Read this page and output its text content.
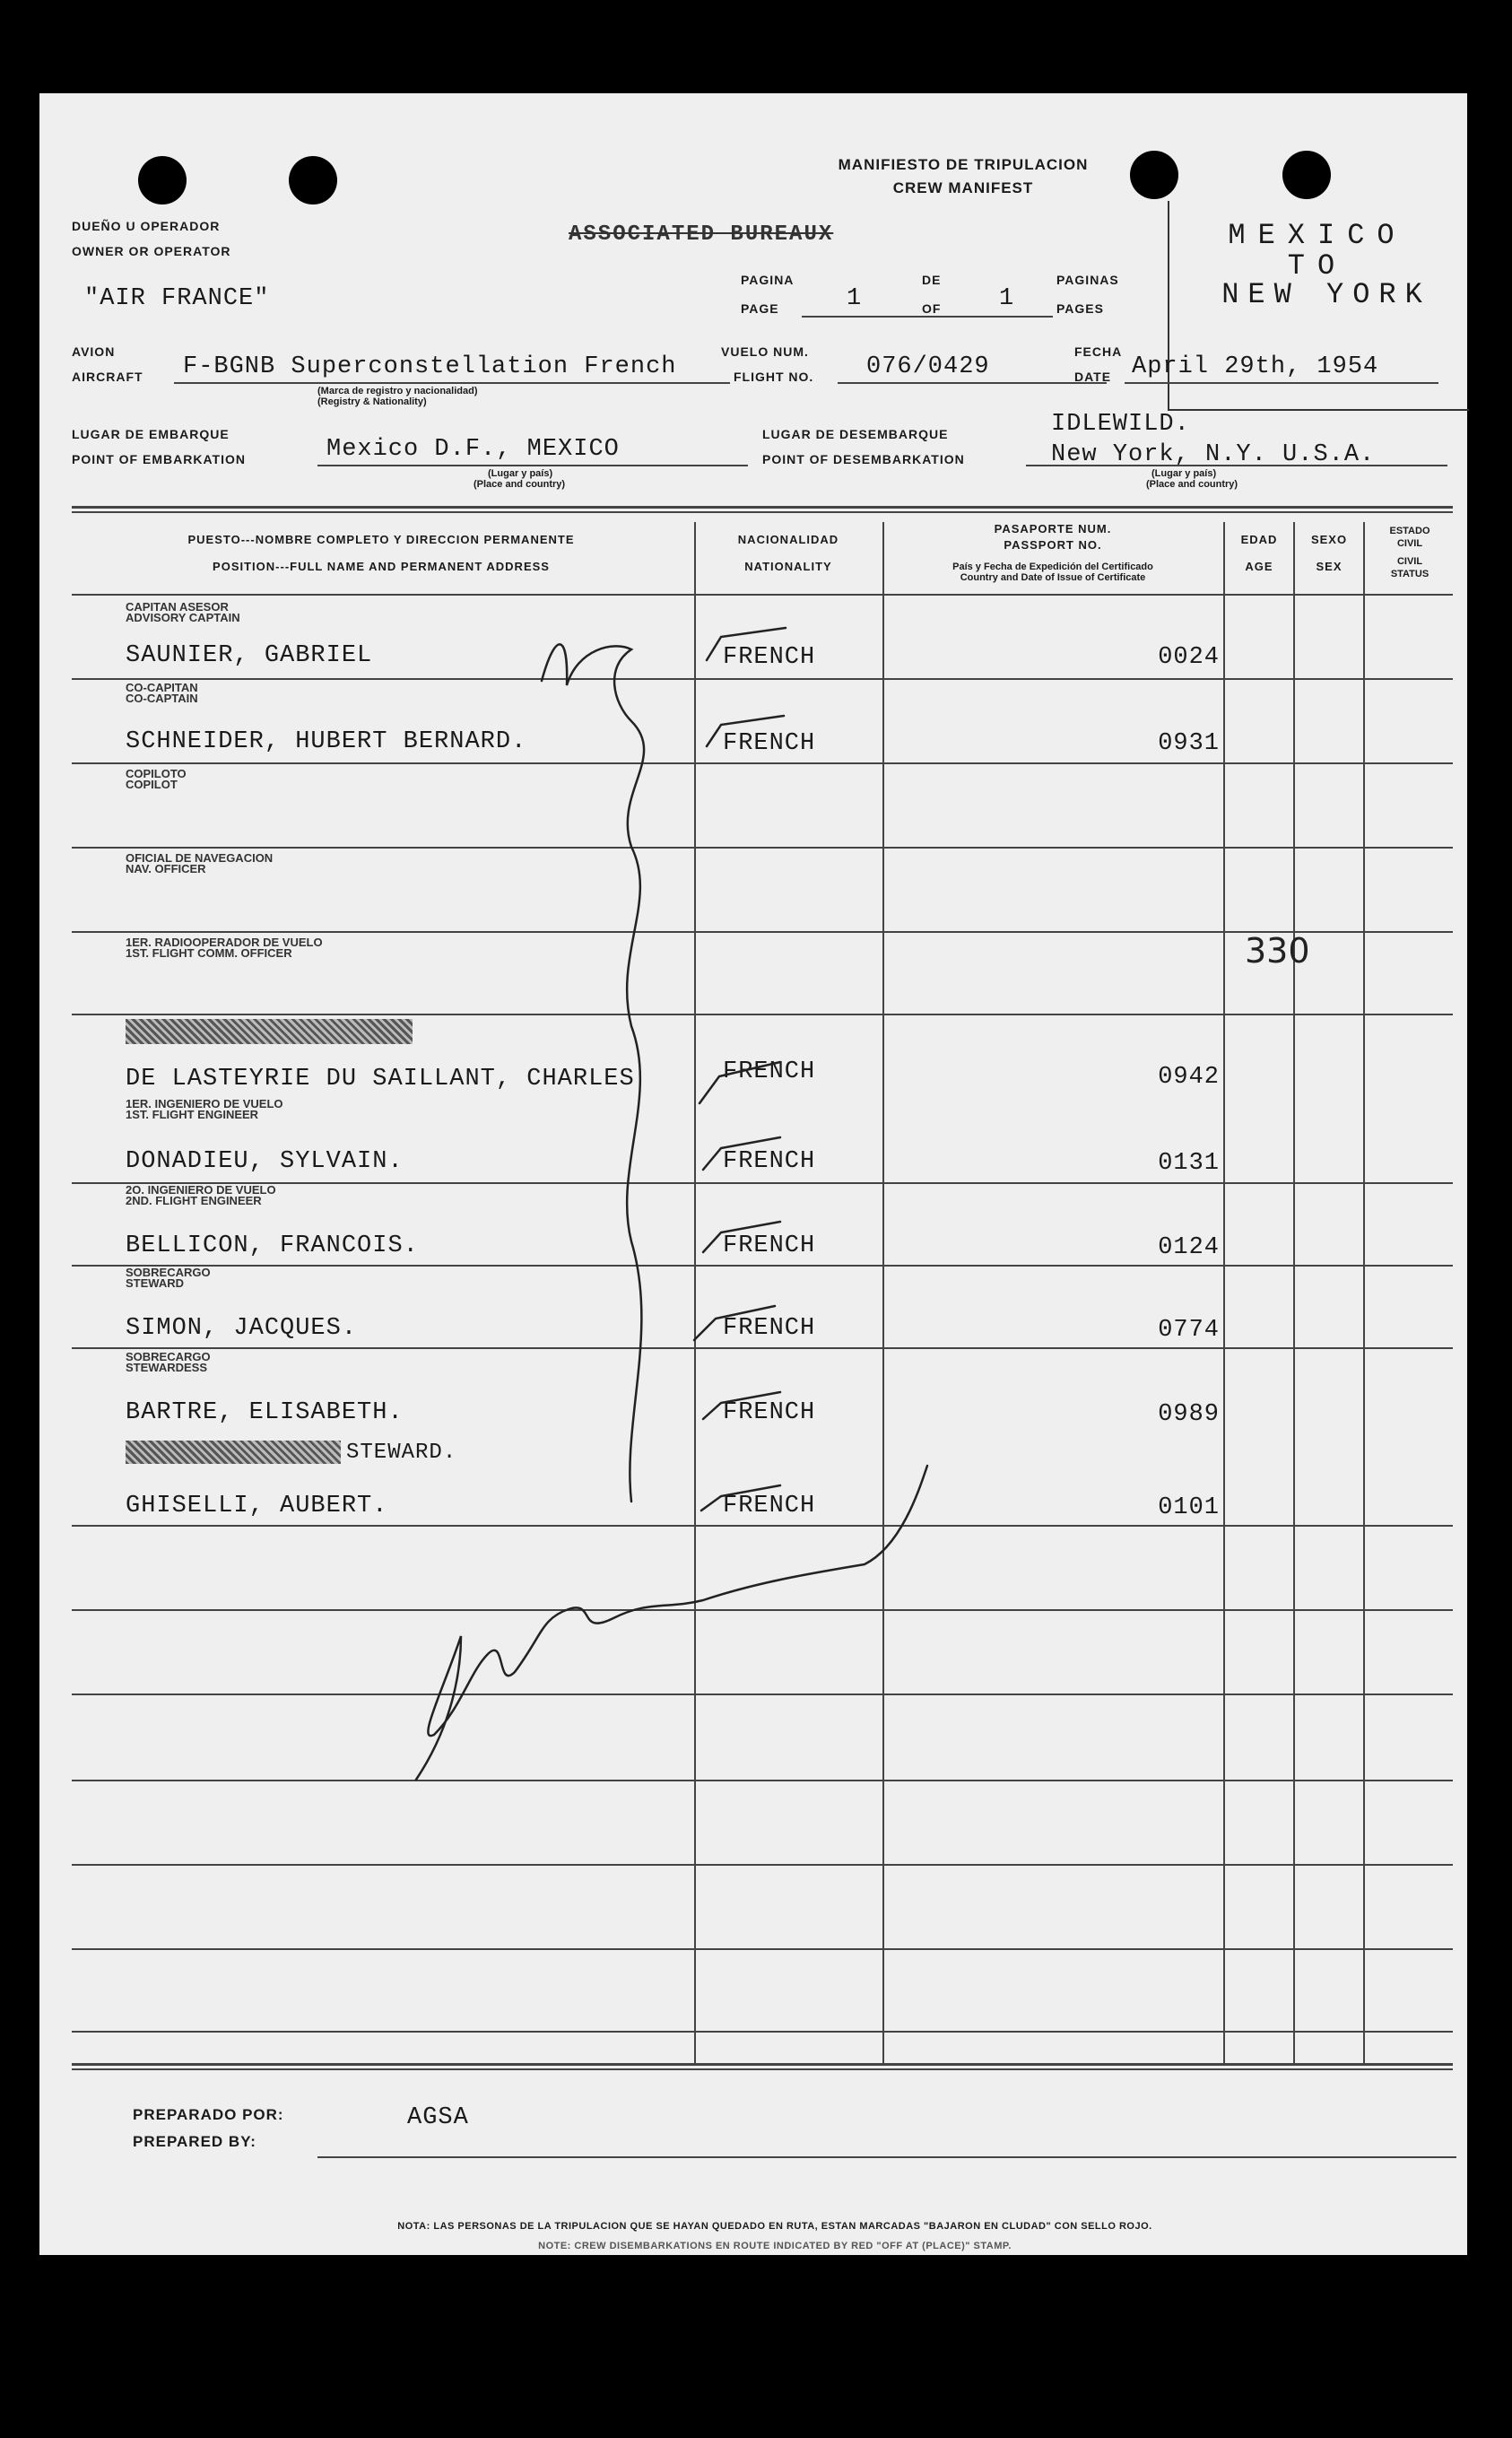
MANIFIESTO DE TRIPULACION
CREW MANIFEST
ASSOCIATED BUREAUX	MEXICO
TO
NEW YORK
DUEÑO U OPERADOR
OWNER OR OPERATOR
"AIR FRANCE"
PAGINA	DE	PAGINAS
PAGE	1	OF 1	PAGES
AVION
AIRCRAFT F-BGNB Superconstellation French
(Marca de registro y nacionalidad)
(Registry & Nationality)
VUELO NUM.
FLIGHT NO. 076/0429
FECHA
DATE April 29th, 1954
LUGAR DE EMBARQUE
POINT OF EMBARKATION	Mexico D.F., MEXICO
(Lugar y país)
(Place and country)
LUGAR DE DESEMBARQUE
POINT OF DESEMBARKATION
IDLEWILD.
New York, N.Y. U.S.A.
(Lugar y país)
(Place and country)
PUESTO---NOMBRE COMPLETO Y DIRECCION PERMANENTE
POSITION---FULL NAME AND PERMANENT ADDRESS
NACIONALIDAD
NATIONALITY
PASAPORTE NUM.
PASSPORT NO.
País y Fecha de Expedición del Certificado
Country and Date of Issue of Certificate
EDAD
AGE
SEXO
SEX
ESTADO
CIVIL
CIVIL
STATUS
CAPITAN ASESOR
ADVISORY CAPTAIN
SAUNIER, GABRIEL	FRENCH	0024
CO-CAPITAN
CO-CAPTAIN
SCHNEIDER, HUBERT BERNARD.	FRENCH	0931
COPILOTO
COPILOT
OFICIAL DE NAVEGACION
NAV. OFFICER
1ER. RADIOOPERADOR DE VUELO
1ST. FLIGHT COMM. OFFICER	330
DE LASTEYRIE DU SAILLANT, CHARLES	FRENCH	0942
1ER. INGENIERO DE VUELO
1ST. FLIGHT ENGINEER
DONADIEU, SYLVAIN.	FRENCH	0131
2O. INGENIERO DE VUELO
2ND. FLIGHT ENGINEER
BELLICON, FRANCOIS.	FRENCH	0124
SOBRECARGO
STEWARD
SIMON, JACQUES.	FRENCH	0774
SOBRECARGO
STEWARDESS
BARTRE, ELISABETH.	FRENCH	0989
STEWARD.
GHISELLI, AUBERT.	FRENCH	0101
PREPARADO POR:
PREPARED BY:
AGSA
NOTA: LAS PERSONAS DE LA TRIPULACION QUE SE HAYAN QUEDADO EN RUTA, ESTAN MARCADAS "BAJARON EN CLUDAD" CON SELLO ROJO.
NOTE: CREW DISEMBARKATIONS EN ROUTE INDICATED BY RED "OFF AT (PLACE)" STAMP.
